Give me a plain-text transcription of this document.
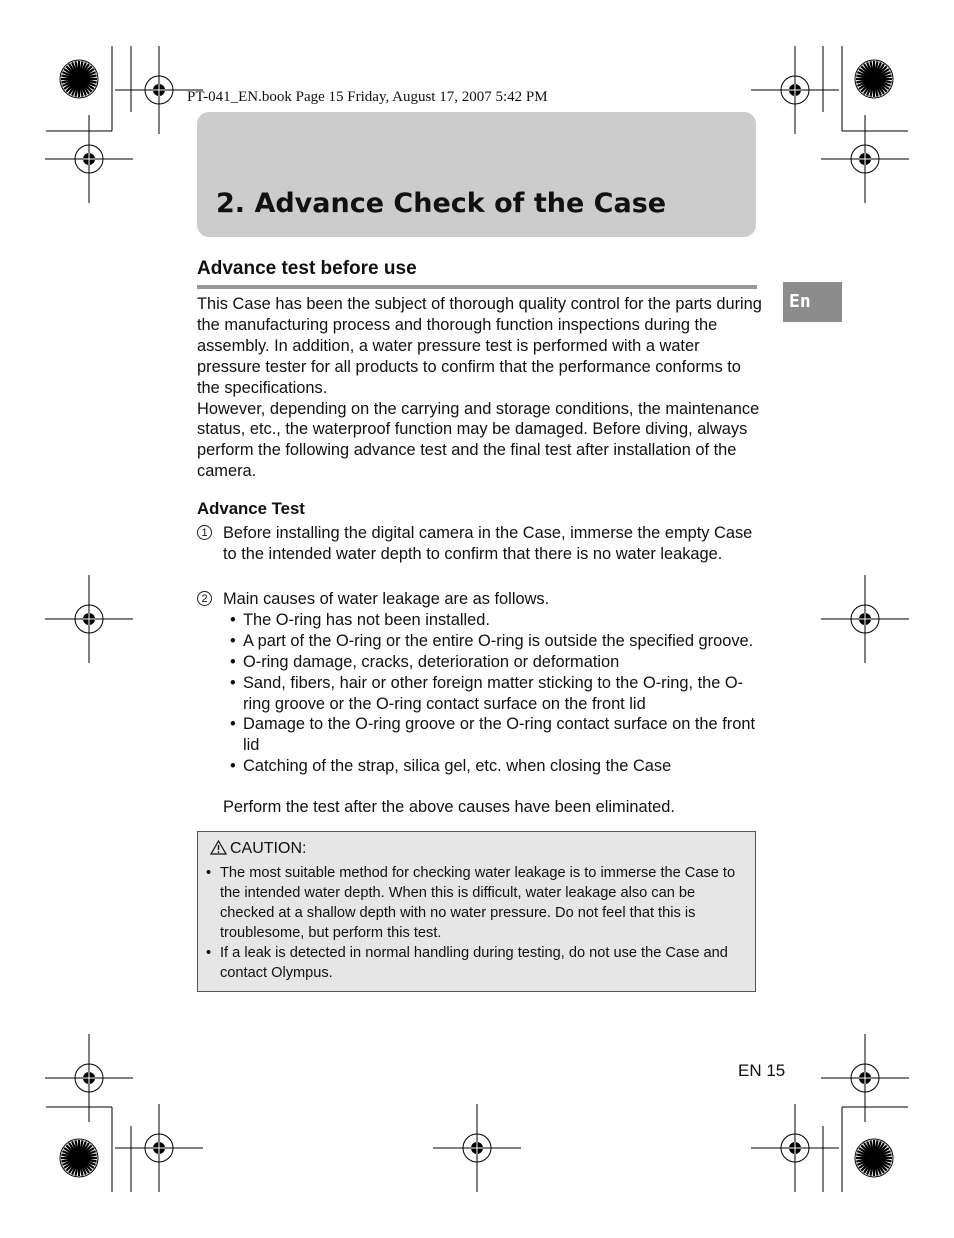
PT-041_EN.book Page 15 Friday, August 17, 2007 5:42 PM
2. Advance Check of the Case
Advance test before use
En

This Case has been the subject of thorough quality control for the parts during the manufacturing process and thorough function inspections during the assembly. In addition, a water pressure test is performed with a water pressure tester for all products to confirm that the performance conforms to the specifications.

However, depending on the carrying and storage conditions, the maintenance status, etc., the waterproof function may be damaged. Before diving, always perform the following advance test and the final test after installation of the camera.

Advance Test
1 Before installing the digital camera in the Case, immerse the empty Case to the intended water depth to confirm that there is no water leakage.
2 Main causes of water leakage are as follows.
• The O-ring has not been installed.
• A part of the O-ring or the entire O-ring is outside the specified groove.
• O-ring damage, cracks, deterioration or deformation
• Sand, fibers, hair or other foreign matter sticking to the O-ring, the O-ring groove or the O-ring contact surface on the front lid
• Damage to the O-ring groove or the O-ring contact surface on the front lid
• Catching of the strap, silica gel, etc. when closing the Case
Perform the test after the above causes have been eliminated.
CAUTION:
• The most suitable method for checking water leakage is to immerse the Case to the intended water depth. When this is difficult, water leakage also can be checked at a shallow depth with no water pressure. Do not feel that this is troublesome, but perform this test.
• If a leak is detected in normal handling during testing, do not use the Case and contact Olympus.
EN 15
